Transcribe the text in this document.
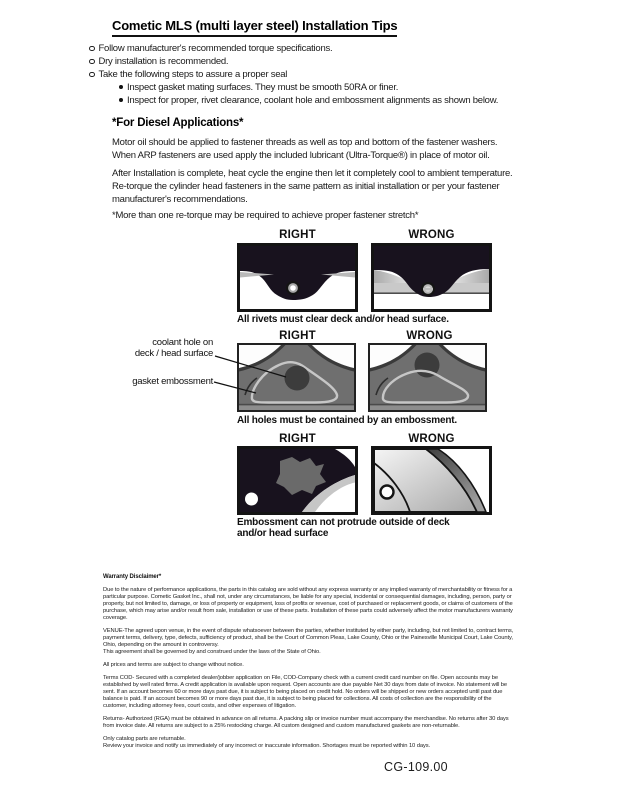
Cometic MLS (multi layer steel) Installation Tips
Follow manufacturer's recommended torque specifications.
Dry installation is recommended.
Take the following steps to assure a proper seal
Inspect gasket mating surfaces. They must be smooth 50RA or finer.
Inspect for proper, rivet clearance, coolant hole and embossment alignments as shown below.
*For Diesel Applications*

Motor oil should be applied to fastener threads as well as top and bottom of the fastener washers. When ARP fasteners are used apply the included lubricant (Ultra-Torque®) in place of motor oil.

After Installation is complete, heat cycle the engine then let it completely cool to ambient temperature. Re-torque the cylinder head fasteners in the same pattern as initial installation or per your fastener manufacturer's recommendations.

*More than one re-torque may be required to achieve proper fastener stretch*

RIGHT	WRONG

All rivets must clear deck and/or head surface.

RIGHT	WRONG
coolant hole on
deck / head surface
gasket embossment

All holes must be contained by an embossment.

RIGHT	WRONG

Embossment can not protrude outside of deck
and/or head surface

Warranty Disclaimer*

Due to the nature of performance applications, the parts in this catalog are sold without any express warranty or any implied warranty of merchantability or fitness for a particular purpose. Cometic Gasket Inc., shall not, under any circumstances, be liable for any special, incidental or consequential damages, including, person, party or property, but not limited to, damage, or loss of property or equipment, loss of profits or revenue, cost of purchased or replacement goods, or claims of customers of the purchase, which may arise and/or result from sale, installation or use of these parts. Installation of these parts could adversely affect the motor manufacturers warranty coverage.

VENUE-The agreed upon venue, in the event of dispute whatsoever between the parties, whether instituted by either party, including, but not limited to, contract terms, payment terms, delivery, type, defects, sufficiency of product, shall be the Court of Common Pleas, Lake County, Ohio or the Painesville Municipal Court, Lake County, Ohio, depending on the amount in controversy.

This agreement shall be governed by and construed under the laws of the State of Ohio.

All prices and terms are subject to change without notice.

Terms COD- Secured with a completed dealer/jobber application on File, COD-Company check with a current credit card number on file. Open accounts may be established by well rated firms. A credit application is available upon request. Open accounts are due payable Net 30 days from date of invoice. No statement will be sent. If an account becomes 60 or more days past due, it is subject to being placed on credit hold. No orders will be shipped or new orders accepted until past due balance is paid. If an account becomes 90 or more days past due, it is subject to being placed for collections. All costs of collection are the responsibility of the customer, including attorney fees, court costs, and other expenses of litigation.

Returns- Authorized (RGA) must be obtained in advance on all returns. A packing slip or invoice number must accompany the merchandise. No returns after 30 days from invoice date. All returns are subject to a 25% restocking charge. All custom designed and custom manufactured gaskets are non-returnable.

Only catalog parts are returnable.

Review your invoice and notify us immediately of any incorrect or inaccurate information. Shortages must be reported within 10 days.

CG-109.00
